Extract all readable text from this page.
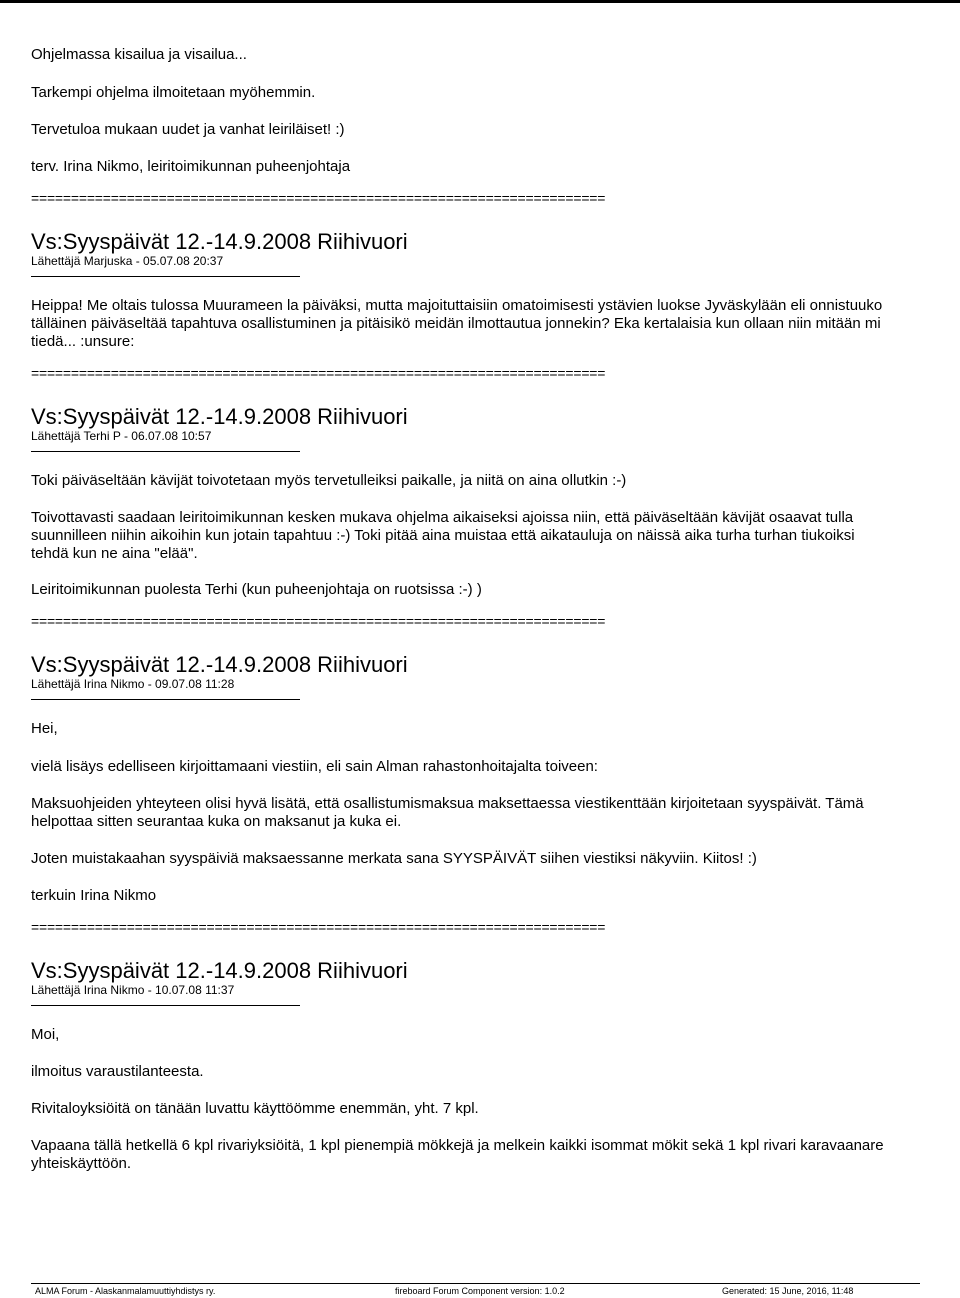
Ohjelmassa kisailua ja visailua...

Tarkempi ohjelma ilmoitetaan myöhemmin.

Tervetuloa mukaan uudet ja vanhat leiriläiset! :)

terv. Irina Nikmo, leiritoimikunnan puheenjohtaja

========================================================================

Vs:Syyspäivät 12.-14.9.2008 Riihivuori

Lähettäjä Marjuska - 05.07.08 20:37

Heippa! Me oltais tulossa Muurameen la päiväksi, mutta majoituttaisiin omatoimisesti ystävien luokse Jyväskylään eli onnistuuko

tälläinen päiväseltää tapahtuva osallistuminen ja pitäisikö meidän ilmottautua jonnekin? Eka kertalaisia kun ollaan niin mitään mi

tiedä... :unsure:

========================================================================

Vs:Syyspäivät 12.-14.9.2008 Riihivuori

Lähettäjä Terhi P - 06.07.08 10:57

Toki päiväseltään kävijät toivotetaan myös tervetulleiksi paikalle, ja niitä on aina ollutkin :-)

Toivottavasti saadaan leiritoimikunnan kesken mukava ohjelma aikaiseksi ajoissa niin, että päiväseltään kävijät osaavat tulla

suunnilleen niihin aikoihin kun jotain tapahtuu :-) Toki pitää aina muistaa että aikatauluja on näissä aika turha turhan tiukoiksi

tehdä kun ne aina "elää".

Leiritoimikunnan puolesta Terhi (kun puheenjohtaja on ruotsissa :-) )

========================================================================

Vs:Syyspäivät 12.-14.9.2008 Riihivuori

Lähettäjä Irina Nikmo - 09.07.08 11:28

Hei,

vielä lisäys edelliseen kirjoittamaani viestiin, eli sain Alman rahastonhoitajalta toiveen:

Maksuohjeiden yhteyteen olisi hyvä lisätä, että osallistumismaksua maksettaessa viestikenttään kirjoitetaan syyspäivät. Tämä

helpottaa sitten seurantaa kuka on maksanut ja kuka ei.

Joten muistakaahan syyspäiviä maksaessanne merkata sana SYYSPÄIVÄT siihen viestiksi näkyviin. Kiitos! :)

terkuin Irina Nikmo

========================================================================

Vs:Syyspäivät 12.-14.9.2008 Riihivuori

Lähettäjä Irina Nikmo - 10.07.08 11:37

Moi,

ilmoitus varaustilanteesta.

Rivitaloyksiöitä on tänään luvattu käyttöömme enemmän, yht. 7 kpl.

Vapaana tällä hetkellä 6 kpl rivariyksiöitä, 1 kpl pienempiä mökkejä ja melkein kaikki isommat mökit sekä 1 kpl rivari karavaanare

yhteiskäyttöön.

ALMA Forum - Alaskanmalamuuttiyhdistys ry.	fireboard Forum Component version: 1.0.2	Generated: 15 June, 2016, 11:48
